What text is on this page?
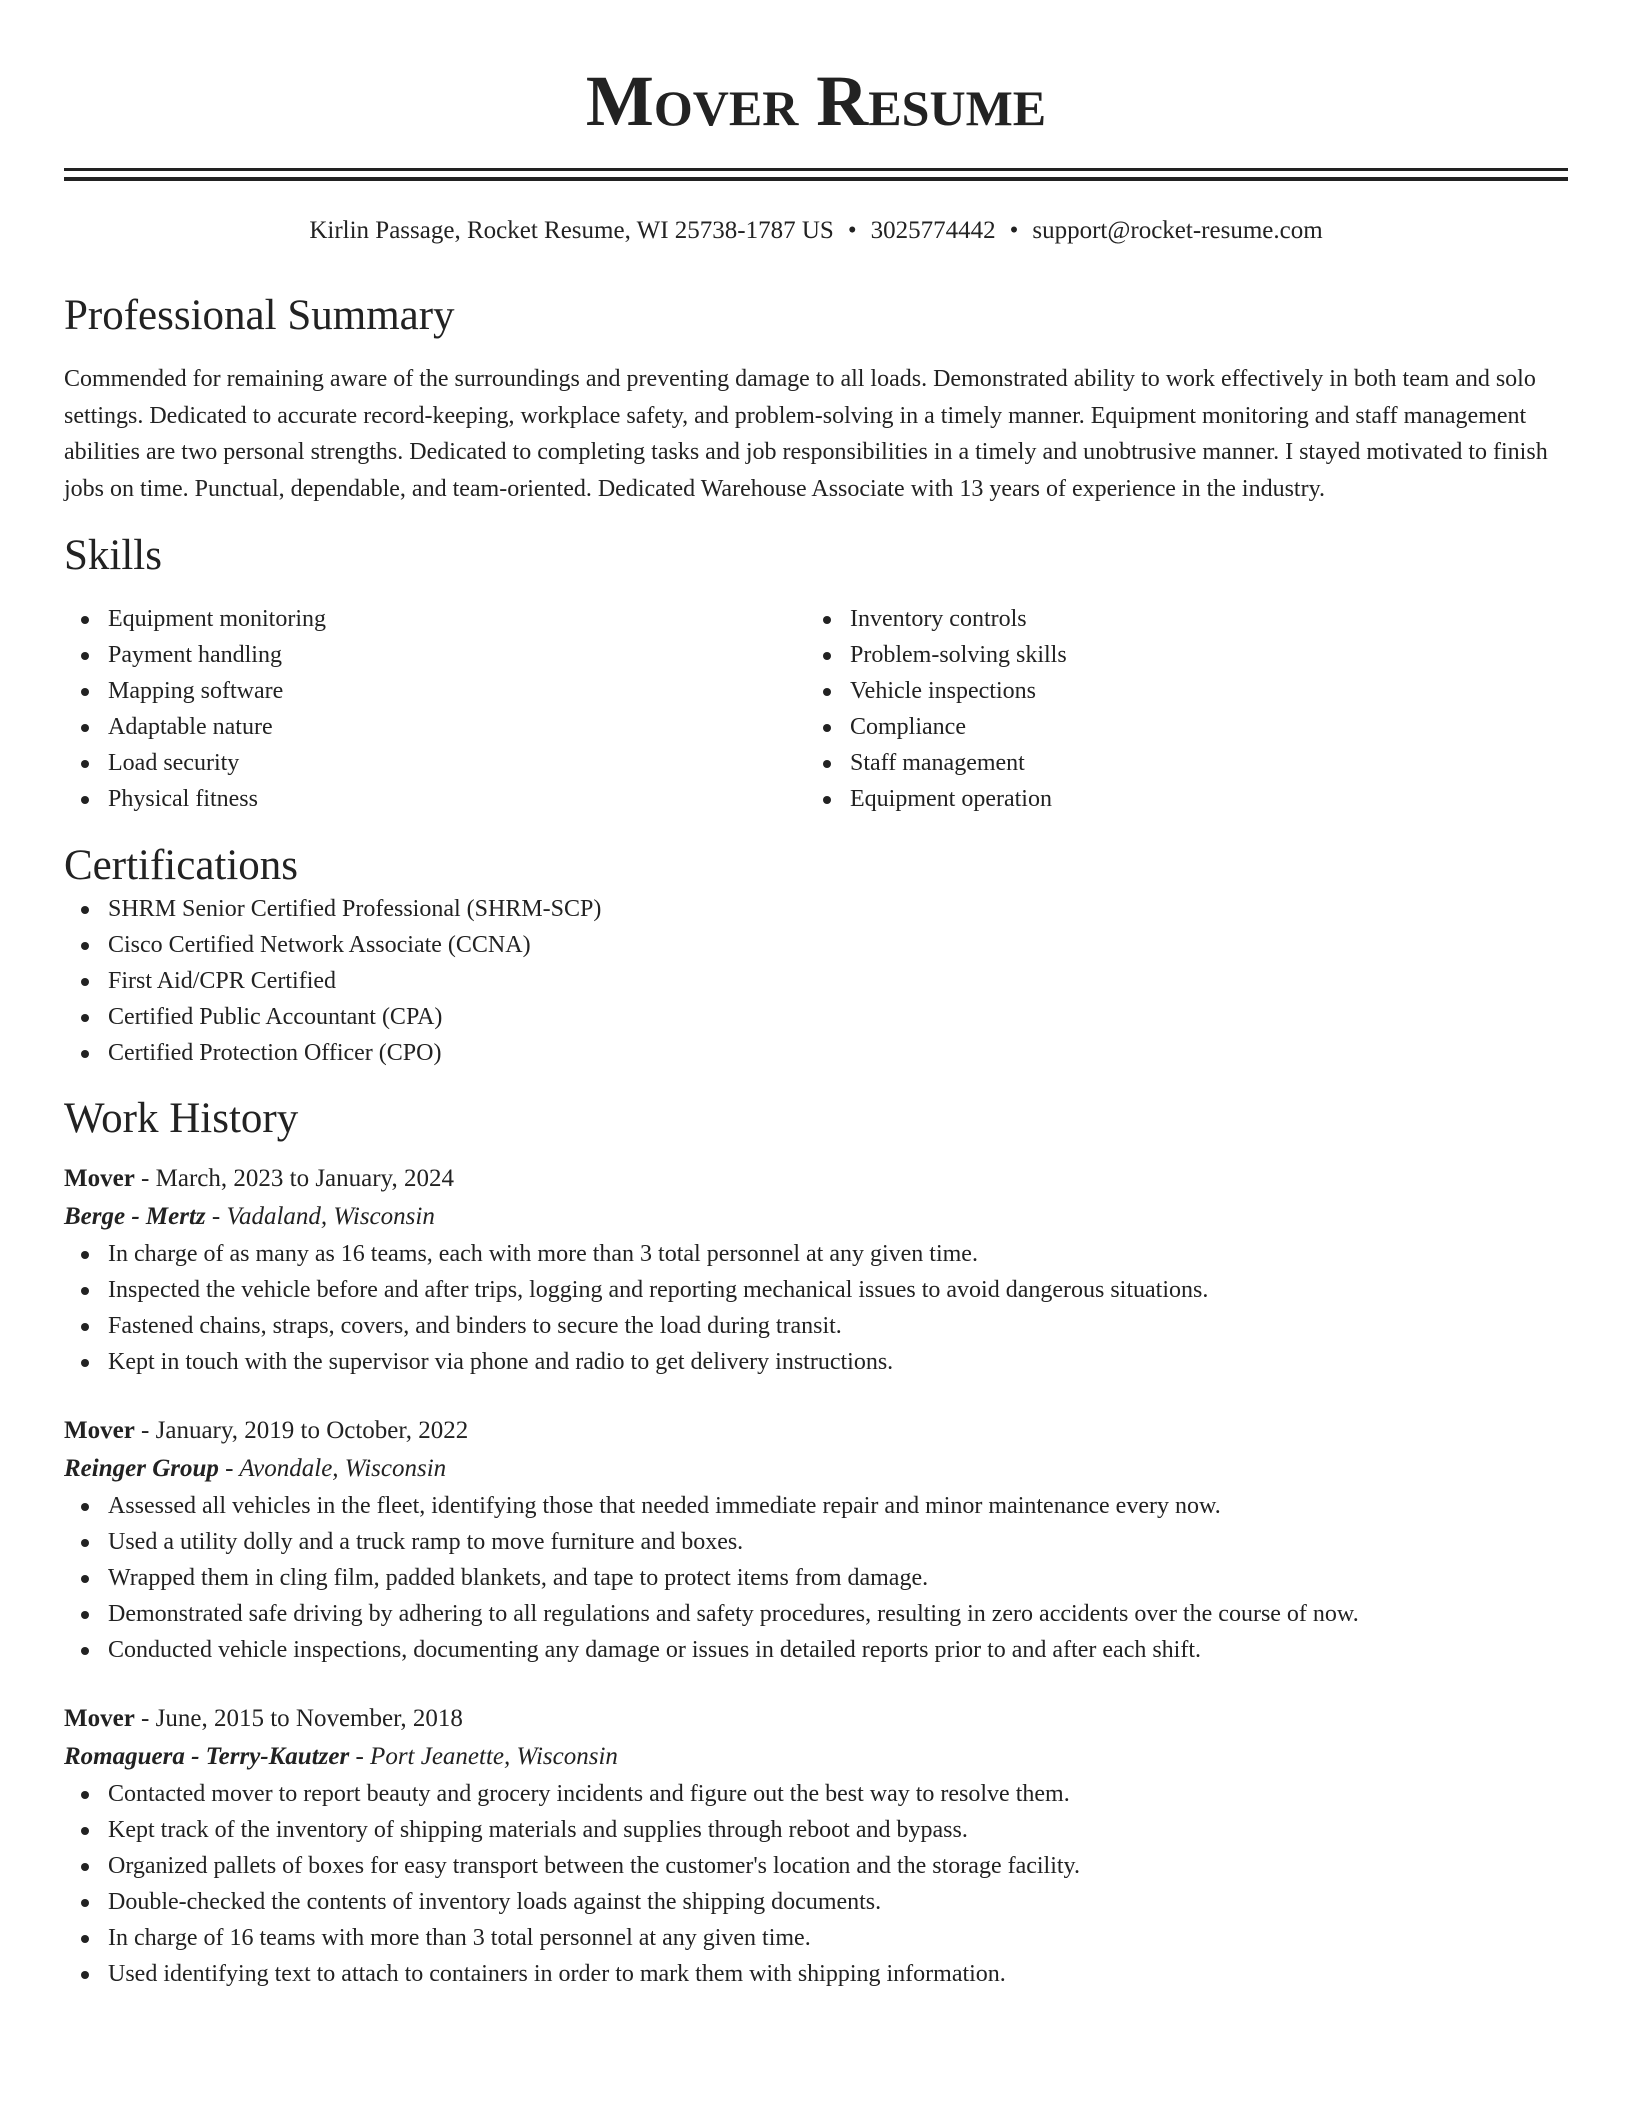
Mover Resume
Kirlin Passage, Rocket Resume, WI 25738-1787 US • 3025774442 • support@rocket-resume.com
Professional Summary

Commended for remaining aware of the surroundings and preventing damage to all loads. Demonstrated ability to work effectively in both team and solo settings. Dedicated to accurate record-keeping, workplace safety, and problem-solving in a timely manner. Equipment monitoring and staff management abilities are two personal strengths. Dedicated to completing tasks and job responsibilities in a timely and unobtrusive manner. I stayed motivated to finish jobs on time. Punctual, dependable, and team-oriented. Dedicated Warehouse Associate with 13 years of experience in the industry.

Skills
Equipment monitoring
Payment handling
Mapping software
Adaptable nature
Load security
Physical fitness
Inventory controls
Problem-solving skills
Vehicle inspections
Compliance
Staff management
Equipment operation
Certifications
SHRM Senior Certified Professional (SHRM-SCP)
Cisco Certified Network Associate (CCNA)
First Aid/CPR Certified
Certified Public Accountant (CPA)
Certified Protection Officer (CPO)
Work History
Mover - March, 2023 to January, 2024
Berge - Mertz - Vadaland, Wisconsin
In charge of as many as 16 teams, each with more than 3 total personnel at any given time.
Inspected the vehicle before and after trips, logging and reporting mechanical issues to avoid dangerous situations.
Fastened chains, straps, covers, and binders to secure the load during transit.
Kept in touch with the supervisor via phone and radio to get delivery instructions.
Mover - January, 2019 to October, 2022
Reinger Group - Avondale, Wisconsin
Assessed all vehicles in the fleet, identifying those that needed immediate repair and minor maintenance every now.
Used a utility dolly and a truck ramp to move furniture and boxes.
Wrapped them in cling film, padded blankets, and tape to protect items from damage.
Demonstrated safe driving by adhering to all regulations and safety procedures, resulting in zero accidents over the course of now.
Conducted vehicle inspections, documenting any damage or issues in detailed reports prior to and after each shift.
Mover - June, 2015 to November, 2018
Romaguera - Terry-Kautzer - Port Jeanette, Wisconsin
Contacted mover to report beauty and grocery incidents and figure out the best way to resolve them.
Kept track of the inventory of shipping materials and supplies through reboot and bypass.
Organized pallets of boxes for easy transport between the customer's location and the storage facility.
Double-checked the contents of inventory loads against the shipping documents.
In charge of 16 teams with more than 3 total personnel at any given time.
Used identifying text to attach to containers in order to mark them with shipping information.
